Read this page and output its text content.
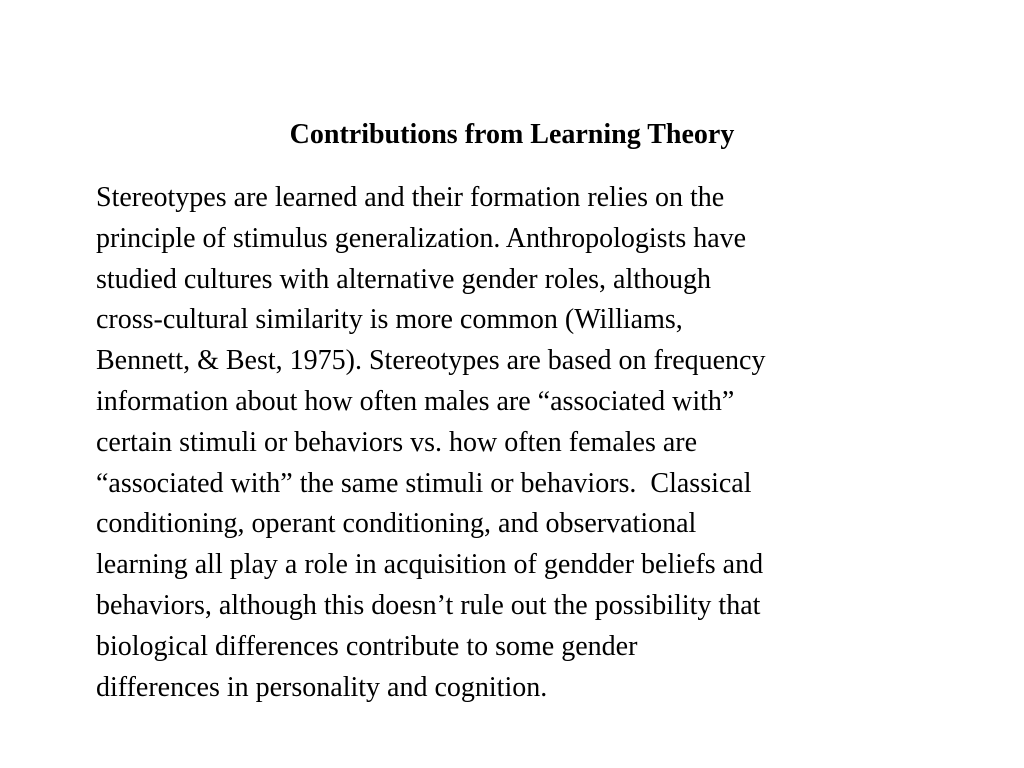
Contributions from Learning Theory
Stereotypes are learned and their formation relies on the
principle of stimulus generalization. Anthropologists have
studied cultures with alternative gender roles, although
cross-cultural similarity is more common (Williams,
Bennett, & Best, 1975). Stereotypes are based on frequency
information about how often males are “associated with”
certain stimuli or behaviors vs. how often females are
“associated with” the same stimuli or behaviors.  Classical
conditioning, operant conditioning, and observational
learning all play a role in acquisition of gendder beliefs and
behaviors, although this doesn’t rule out the possibility that
biological differences contribute to some gender
differences in personality and cognition.
